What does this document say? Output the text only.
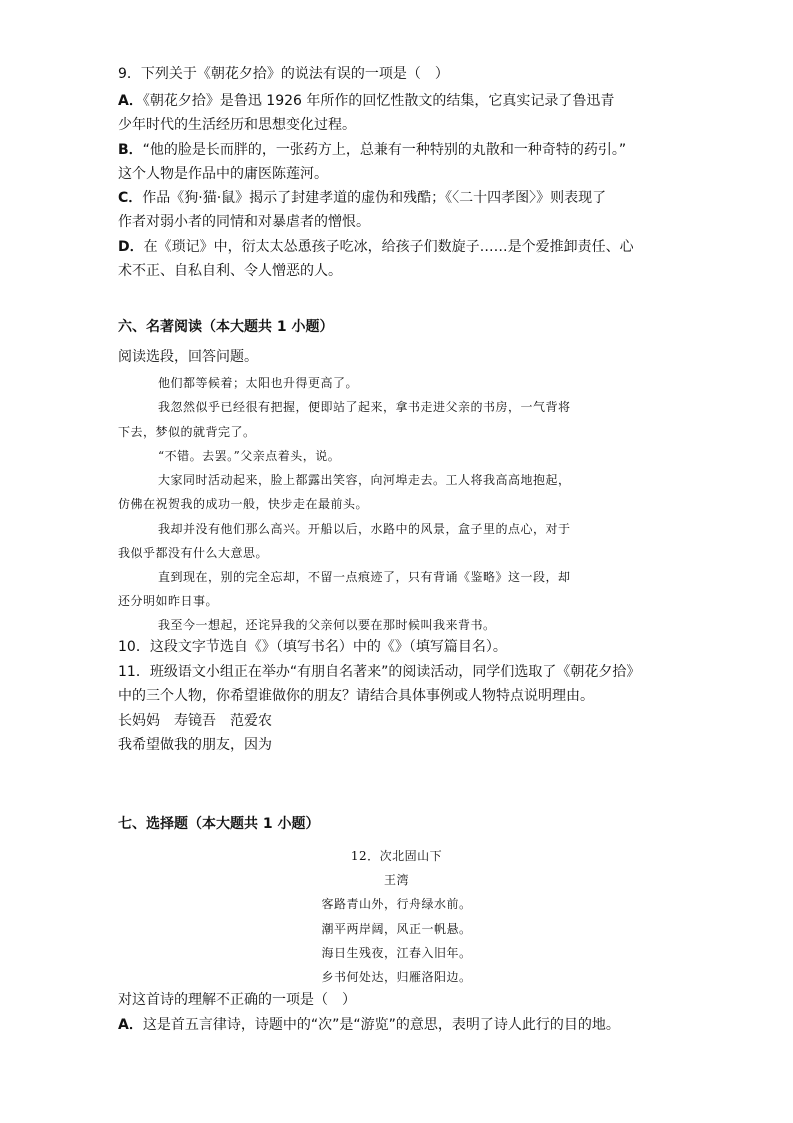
9．下列关于《朝花夕拾》的说法有误的一项是（　）
A．《朝花夕拾》是鲁迅 1926 年所作的回忆性散文的结集，它真实记录了鲁迅青
少年时代的生活经历和思想变化过程。
B．“他的脸是长而胖的，一张药方上，总兼有一种特别的丸散和一种奇特的药引。”
这个人物是作品中的庸医陈莲河。
C．作品《狗·猫·鼠》揭示了封建孝道的虚伪和残酷；《〈二十四孝图〉》则表现了
作者对弱小者的同情和对暴虐者的憎恨。
D．在《琐记》中，衍太太怂恿孩子吃冰，给孩子们数旋子……是个爱推卸责任、心
术不正、自私自利、令人憎恶的人。
六、名著阅读（本大题共 1 小题）
阅读选段，回答问题。
他们都等候着；太阳也升得更高了。
我忽然似乎已经很有把握，便即站了起来，拿书走进父亲的书房，一气背将
下去，梦似的就背完了。
“不错。去罢。”父亲点着头，说。
大家同时活动起来，脸上都露出笑容，向河埠走去。工人将我高高地抱起，
仿佛在祝贺我的成功一般，快步走在最前头。
我却并没有他们那么高兴。开船以后，水路中的风景，盒子里的点心，对于
我似乎都没有什么大意思。
直到现在，别的完全忘却，不留一点痕迹了，只有背诵《鉴略》这一段，却
还分明如昨日事。
我至今一想起，还诧异我的父亲何以要在那时候叫我来背书。
10．这段文字节选自《》（填写书名）中的《》（填写篇目名）。
11．班级语文小组正在举办“有朋自名著来”的阅读活动，同学们选取了《朝花夕拾》
中的三个人物，你希望谁做你的朋友？请结合具体事例或人物特点说明理由。
长妈妈 寿镜吾 范爱农
我希望做我的朋友，因为
七、选择题（本大题共 1 小题）
12．次北固山下
王湾
客路青山外，行舟绿水前。
潮平两岸阔，风正一帆悬。
海日生残夜，江春入旧年。
乡书何处达，归雁洛阳边。
对这首诗的理解不正确的一项是（　）
A．这是首五言律诗，诗题中的“次”是“游览”的意思，表明了诗人此行的目的地。
